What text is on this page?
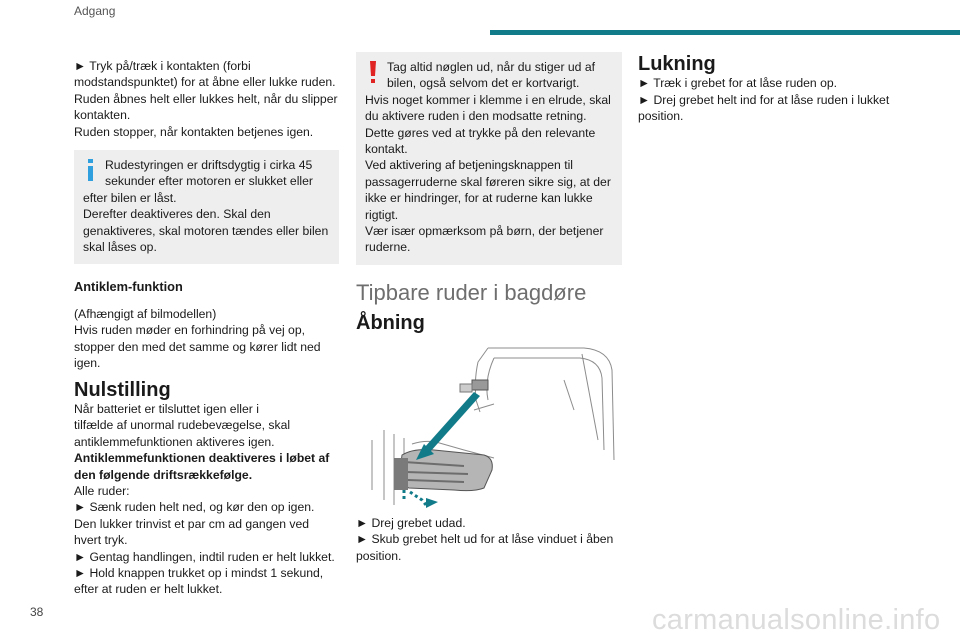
Adgang

► Tryk på/træk i kontakten (forbi
modstandspunktet) for at åbne eller lukke ruden.
Ruden åbnes helt eller lukkes helt, når du slipper
kontakten.
Ruden stopper, når kontakten betjenes igen.

Rudestyringen er driftsdygtig i cirka 45
sekunder efter motoren er slukket eller
efter bilen er låst.
Derefter deaktiveres den. Skal den
genaktiveres, skal motoren tændes eller bilen
skal låses op.
Antiklem-funktion

(Afhængigt af bilmodellen)
Hvis ruden møder en forhindring på vej op,
stopper den med det samme og kører lidt ned
igen.

Nulstilling

Når batteriet er tilsluttet igen eller i
tilfælde af unormal rudebevægelse, skal
antiklemmefunktionen aktiveres igen.
Antiklemmefunktionen deaktiveres i løbet af
den følgende driftsrækkefølge.
Alle ruder:
► Sænk ruden helt ned, og kør den op igen.
Den lukker trinvist et par cm ad gangen ved
hvert tryk.
► Gentag handlingen, indtil ruden er helt lukket.
► Hold knappen trukket op i mindst 1 sekund,
efter at ruden er helt lukket.

Tag altid nøglen ud, når du stiger ud af
bilen, også selvom det er kortvarigt.
Hvis noget kommer i klemme i en elrude, skal
du aktivere ruden i den modsatte retning.
Dette gøres ved at trykke på den relevante
kontakt.
Ved aktivering af betjeningsknappen til
passagerruderne skal føreren sikre sig, at der
ikke er hindringer, for at ruderne kan lukke
rigtigt.
Vær især opmærksom på børn, der betjener
ruderne.
Tipbare ruder i bagdøre
Åbning

► Drej grebet udad.
► Skub grebet helt ud for at låse vinduet i åben
position.

Lukning

► Træk i grebet for at låse ruden op.
► Drej grebet helt ind for at låse ruden i lukket
position.

38	carmanualsonline.info
